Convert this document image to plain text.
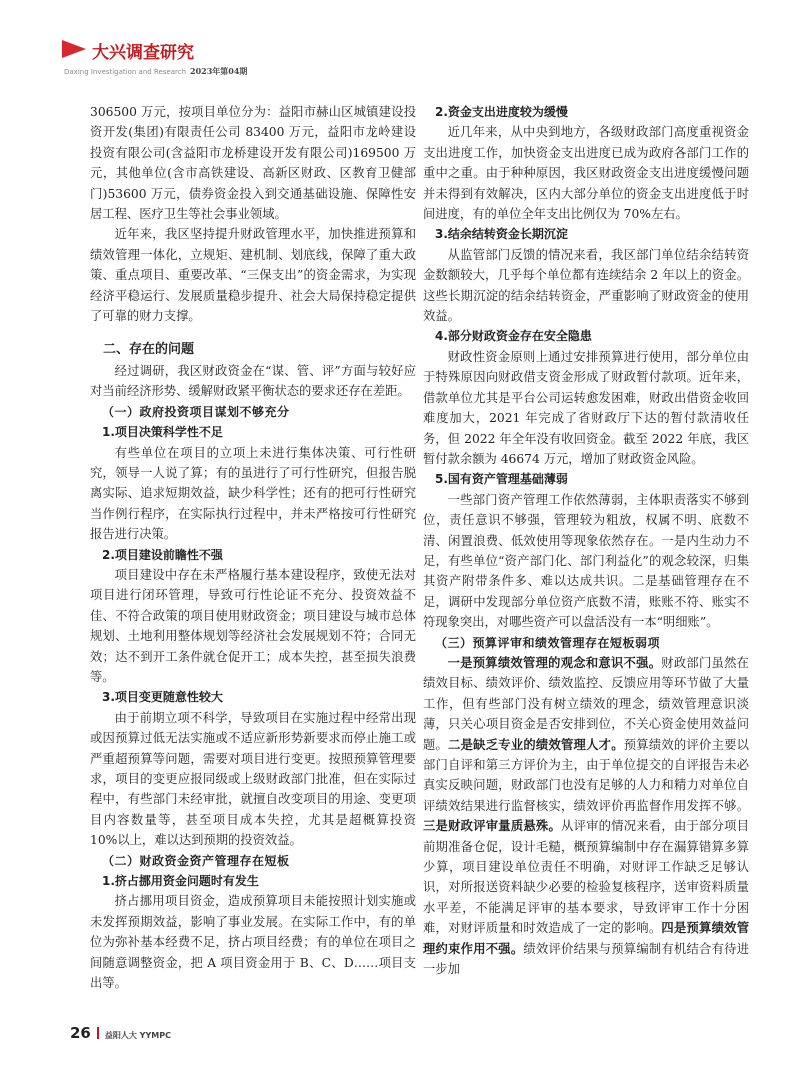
大兴调查研究
Daxing Investigation and Research 2023年第04期

306500 万元，按项目单位分为：益阳市赫山区城镇建设投资开发(集团)有限责任公司 83400 万元，益阳市龙岭建设投资有限公司(含益阳市龙桥建设开发有限公司)169500 万元，其他单位(含市高铁建设、高新区财政、区教育卫健部门)53600 万元，债券资金投入到交通基础设施、保障性安居工程、医疗卫生等社会事业领域。

近年来，我区坚持提升财政管理水平，加快推进预算和绩效管理一体化，立规矩、建机制、划底线，保障了重大政策、重点项目、重要改革、“三保支出”的资金需求，为实现经济平稳运行、发展质量稳步提升、社会大局保持稳定提供了可靠的财力支撑。

二、存在的问题

经过调研，我区财政资金在“谋、管、评”方面与较好应对当前经济形势、缓解财政紧平衡状态的要求还存在差距。

（一）政府投资项目谋划不够充分

1.项目决策科学性不足

有些单位在项目的立项上未进行集体决策、可行性研究，领导一人说了算；有的虽进行了可行性研究，但报告脱离实际、追求短期效益，缺少科学性；还有的把可行性研究当作例行程序，在实际执行过程中，并未严格按可行性研究报告进行决策。

2.项目建设前瞻性不强

项目建设中存在未严格履行基本建设程序，致使无法对项目进行闭环管理，导致可行性论证不充分、投资效益不佳、不符合政策的项目使用财政资金；项目建设与城市总体规划、土地利用整体规划等经济社会发展规划不符；合同无效；达不到开工条件就仓促开工；成本失控，甚至损失浪费等。

3.项目变更随意性较大

由于前期立项不科学，导致项目在实施过程中经常出现或因预算过低无法实施或不适应新形势新要求而停止施工或严重超预算等问题，需要对项目进行变更。按照预算管理要求，项目的变更应报同级或上级财政部门批准，但在实际过程中，有些部门未经审批，就擅自改变项目的用途、变更项目内容数量等，甚至项目成本失控，尤其是超概算投资 10%以上，难以达到预期的投资效益。

（二）财政资金资产管理存在短板

1.挤占挪用资金问题时有发生

挤占挪用项目资金，造成预算项目未能按照计划实施或未发挥预期效益，影响了事业发展。在实际工作中，有的单位为弥补基本经费不足，挤占项目经费；有的单位在项目之间随意调整资金，把 A 项目资金用于 B、C、D……项目支出等。

2.资金支出进度较为缓慢

近几年来，从中央到地方，各级财政部门高度重视资金支出进度工作，加快资金支出进度已成为政府各部门工作的重中之重。由于种种原因，我区财政资金支出进度缓慢问题并未得到有效解决，区内大部分单位的资金支出进度低于时间进度，有的单位全年支出比例仅为 70%左右。

3.结余结转资金长期沉淀

从监管部门反馈的情况来看，我区部门单位结余结转资金数额较大，几乎每个单位都有连续结余 2 年以上的资金。这些长期沉淀的结余结转资金，严重影响了财政资金的使用效益。

4.部分财政资金存在安全隐患

财政性资金原则上通过安排预算进行使用，部分单位由于特殊原因向财政借支资金形成了财政暂付款项。近年来，借款单位尤其是平台公司运转愈发困难，财政出借资金收回难度加大，2021 年完成了省财政厅下达的暂付款清收任务，但 2022 年全年没有收回资金。截至 2022 年底，我区暂付款余额为 46674 万元，增加了财政资金风险。

5.国有资产管理基础薄弱

一些部门资产管理工作依然薄弱，主体职责落实不够到位，责任意识不够强，管理较为粗放，权属不明、底数不清、闲置浪费、低效使用等现象依然存在。一是内生动力不足，有些单位“资产部门化、部门利益化”的观念较深，归集其资产附带条件多、难以达成共识。二是基础管理存在不足，调研中发现部分单位资产底数不清，账账不符、账实不符现象突出，对哪些资产可以盘活没有一本“明细账”。

（三）预算评审和绩效管理存在短板弱项

一是预算绩效管理的观念和意识不强。财政部门虽然在绩效目标、绩效评价、绩效监控、反馈应用等环节做了大量工作，但有些部门没有树立绩效的理念，绩效管理意识淡薄，只关心项目资金是否安排到位，不关心资金使用效益问题。二是缺乏专业的绩效管理人才。预算绩效的评价主要以部门自评和第三方评价为主，由于单位提交的自评报告未必真实反映问题，财政部门也没有足够的人力和精力对单位自评绩效结果进行监督核实，绩效评价再监督作用发挥不够。三是财政评审量质悬殊。从评审的情况来看，由于部分项目前期准备仓促，设计毛糙，概预算编制中存在漏算错算多算少算，项目建设单位责任不明确，对财评工作缺乏足够认识，对所报送资料缺少必要的检验复核程序，送审资料质量水平差，不能满足评审的基本要求，导致评审工作十分困难，对财评质量和时效造成了一定的影响。四是预算绩效管理约束作用不强。绩效评价结果与预算编制有机结合有待进一步加

26 益阳人大 YYMPC
